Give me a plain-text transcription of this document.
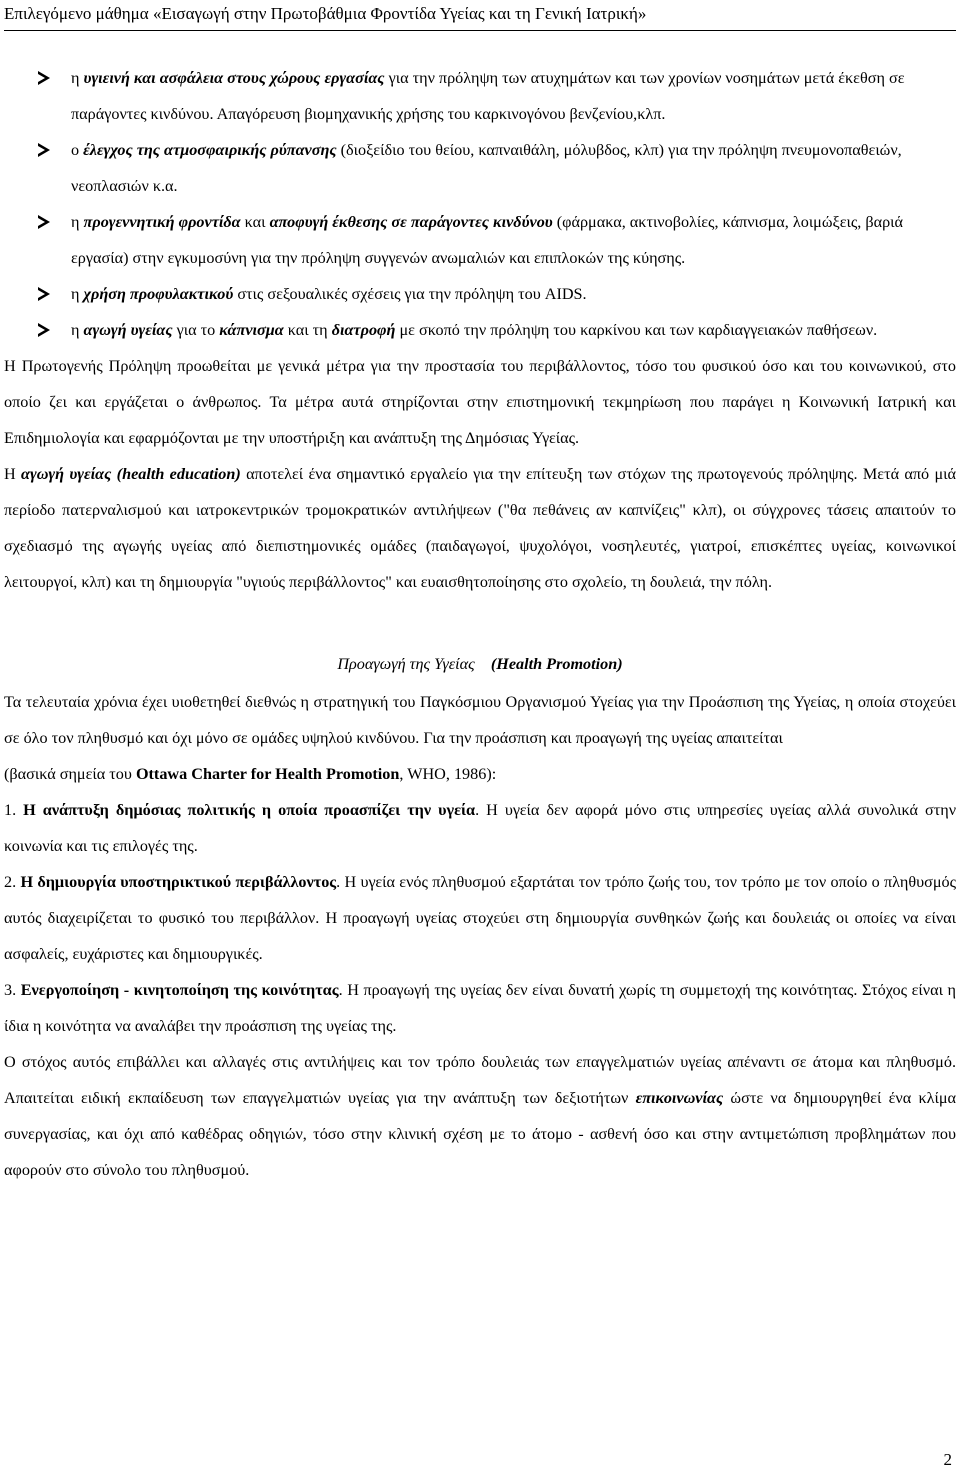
Επιλεγόμενο μάθημα «Εισαγωγή στην Πρωτοβάθμια Φροντίδα Υγείας και τη Γενική Ιατρική»
η υγιεινή και ασφάλεια στους χώρους εργασίας για την πρόληψη των ατυχημάτων και των χρονίων νοσημάτων μετά έκεθση σε παράγοντες κινδύνου. Απαγόρευση βιομηχανικής χρήσης του καρκινογόνου βενζενίου,κλπ.
ο έλεγχος της ατμοσφαιρικής ρύπανσης (διοξείδιο του θείου, καπναιθάλη, μόλυβδος, κλπ) για την πρόληψη πνευμονοπαθειών, νεοπλασιών κ.α.
η προγεννητική φροντίδα και αποφυγή έκθεσης σε παράγοντες κινδύνου (φάρμακα, ακτινοβολίες, κάπνισμα, λοιμώξεις, βαριά εργασία) στην εγκυμοσύνη για την πρόληψη συγγενών ανωμαλιών και επιπλοκών της κύησης.
η χρήση προφυλακτικού στις σεξουαλικές σχέσεις για την πρόληψη του AIDS.
η αγωγή υγείας για το κάπνισμα και τη διατροφή με σκοπό την πρόληψη του καρκίνου και των καρδιαγγειακών παθήσεων.
Η Πρωτογενής Πρόληψη προωθείται με γενικά μέτρα για την προστασία του περιβάλλοντος, τόσο του φυσικού όσο και του κοινωνικού, στο οποίο ζει και εργάζεται ο άνθρωπος. Τα μέτρα αυτά στηρίζονται στην επιστημονική τεκμηρίωση που παράγει η Κοινωνική Ιατρική και Επιδημιολογία και εφαρμόζονται με την υποστήριξη και ανάπτυξη της Δημόσιας Υγείας.
Η αγωγή υγείας (health education) αποτελεί ένα σημαντικό εργαλείο για την επίτευξη των στόχων της πρωτογενούς πρόληψης. Μετά από μιά περίοδο πατερναλισμού και ιατροκεντρικών τρομοκρατικών αντιλήψεων ("θα πεθάνεις αν καπνίζεις" κλπ), οι σύγχρονες τάσεις απαιτούν το σχεδιασμό της αγωγής υγείας από διεπιστημονικές ομάδες (παιδαγωγοί, ψυχολόγοι, νοσηλευτές, γιατροί, επισκέπτες υγείας, κοινωνικοί λειτουργοί, κλπ) και τη δημιουργία "υγιούς περιβάλλοντος" και ευαισθητοποίησης στο σχολείο, τη δουλειά, την πόλη.
Προαγωγή της Υγείας (Health Promotion)
Τα τελευταία χρόνια έχει υιοθετηθεί διεθνώς η στρατηγική του Παγκόσμιου Οργανισμού Υγείας για την Προάσπιση της Υγείας, η οποία στοχεύει σε όλο τον πληθυσμό και όχι μόνο σε ομάδες υψηλού κινδύνου. Για την προάσπιση και προαγωγή της υγείας απαιτείται
(βασικά σημεία του Ottawa Charter for Health Promotion, WHO, 1986):
1. Η ανάπτυξη δημόσιας πολιτικής η οποία προασπίζει την υγεία. Η υγεία δεν αφορά μόνο στις υπηρεσίες υγείας αλλά συνολικά στην κοινωνία και τις επιλογές της.
2. Η δημιουργία υποστηρικτικού περιβάλλοντος. Η υγεία ενός πληθυσμού εξαρτάται τον τρόπο ζωής του, τον τρόπο με τον οποίο ο πληθυσμός αυτός διαχειρίζεται το φυσικό του περιβάλλον. Η προαγωγή υγείας στοχεύει στη δημιουργία συνθηκών ζωής και δουλειάς οι οποίες να είναι ασφαλείς, ευχάριστες και δημιουργικές.
3. Ενεργοποίηση - κινητοποίηση της κοινότητας. Η προαγωγή της υγείας δεν είναι δυνατή χωρίς τη συμμετοχή της κοινότητας. Στόχος είναι η ίδια η κοινότητα να αναλάβει την προάσπιση της υγείας της.
Ο στόχος αυτός επιβάλλει και αλλαγές στις αντιλήψεις και τον τρόπο δουλειάς των επαγγελματιών υγείας απέναντι σε άτομα και πληθυσμό. Απαιτείται ειδική εκπαίδευση των επαγγελματιών υγείας για την ανάπτυξη των δεξιοτήτων επικοινωνίας ώστε να δημιουργηθεί ένα κλίμα συνεργασίας, και όχι από καθέδρας οδηγιών, τόσο στην κλινική σχέση με το άτομο - ασθενή όσο και στην αντιμετώπιση προβλημάτων που αφορούν στο σύνολο του πληθυσμού.
2
